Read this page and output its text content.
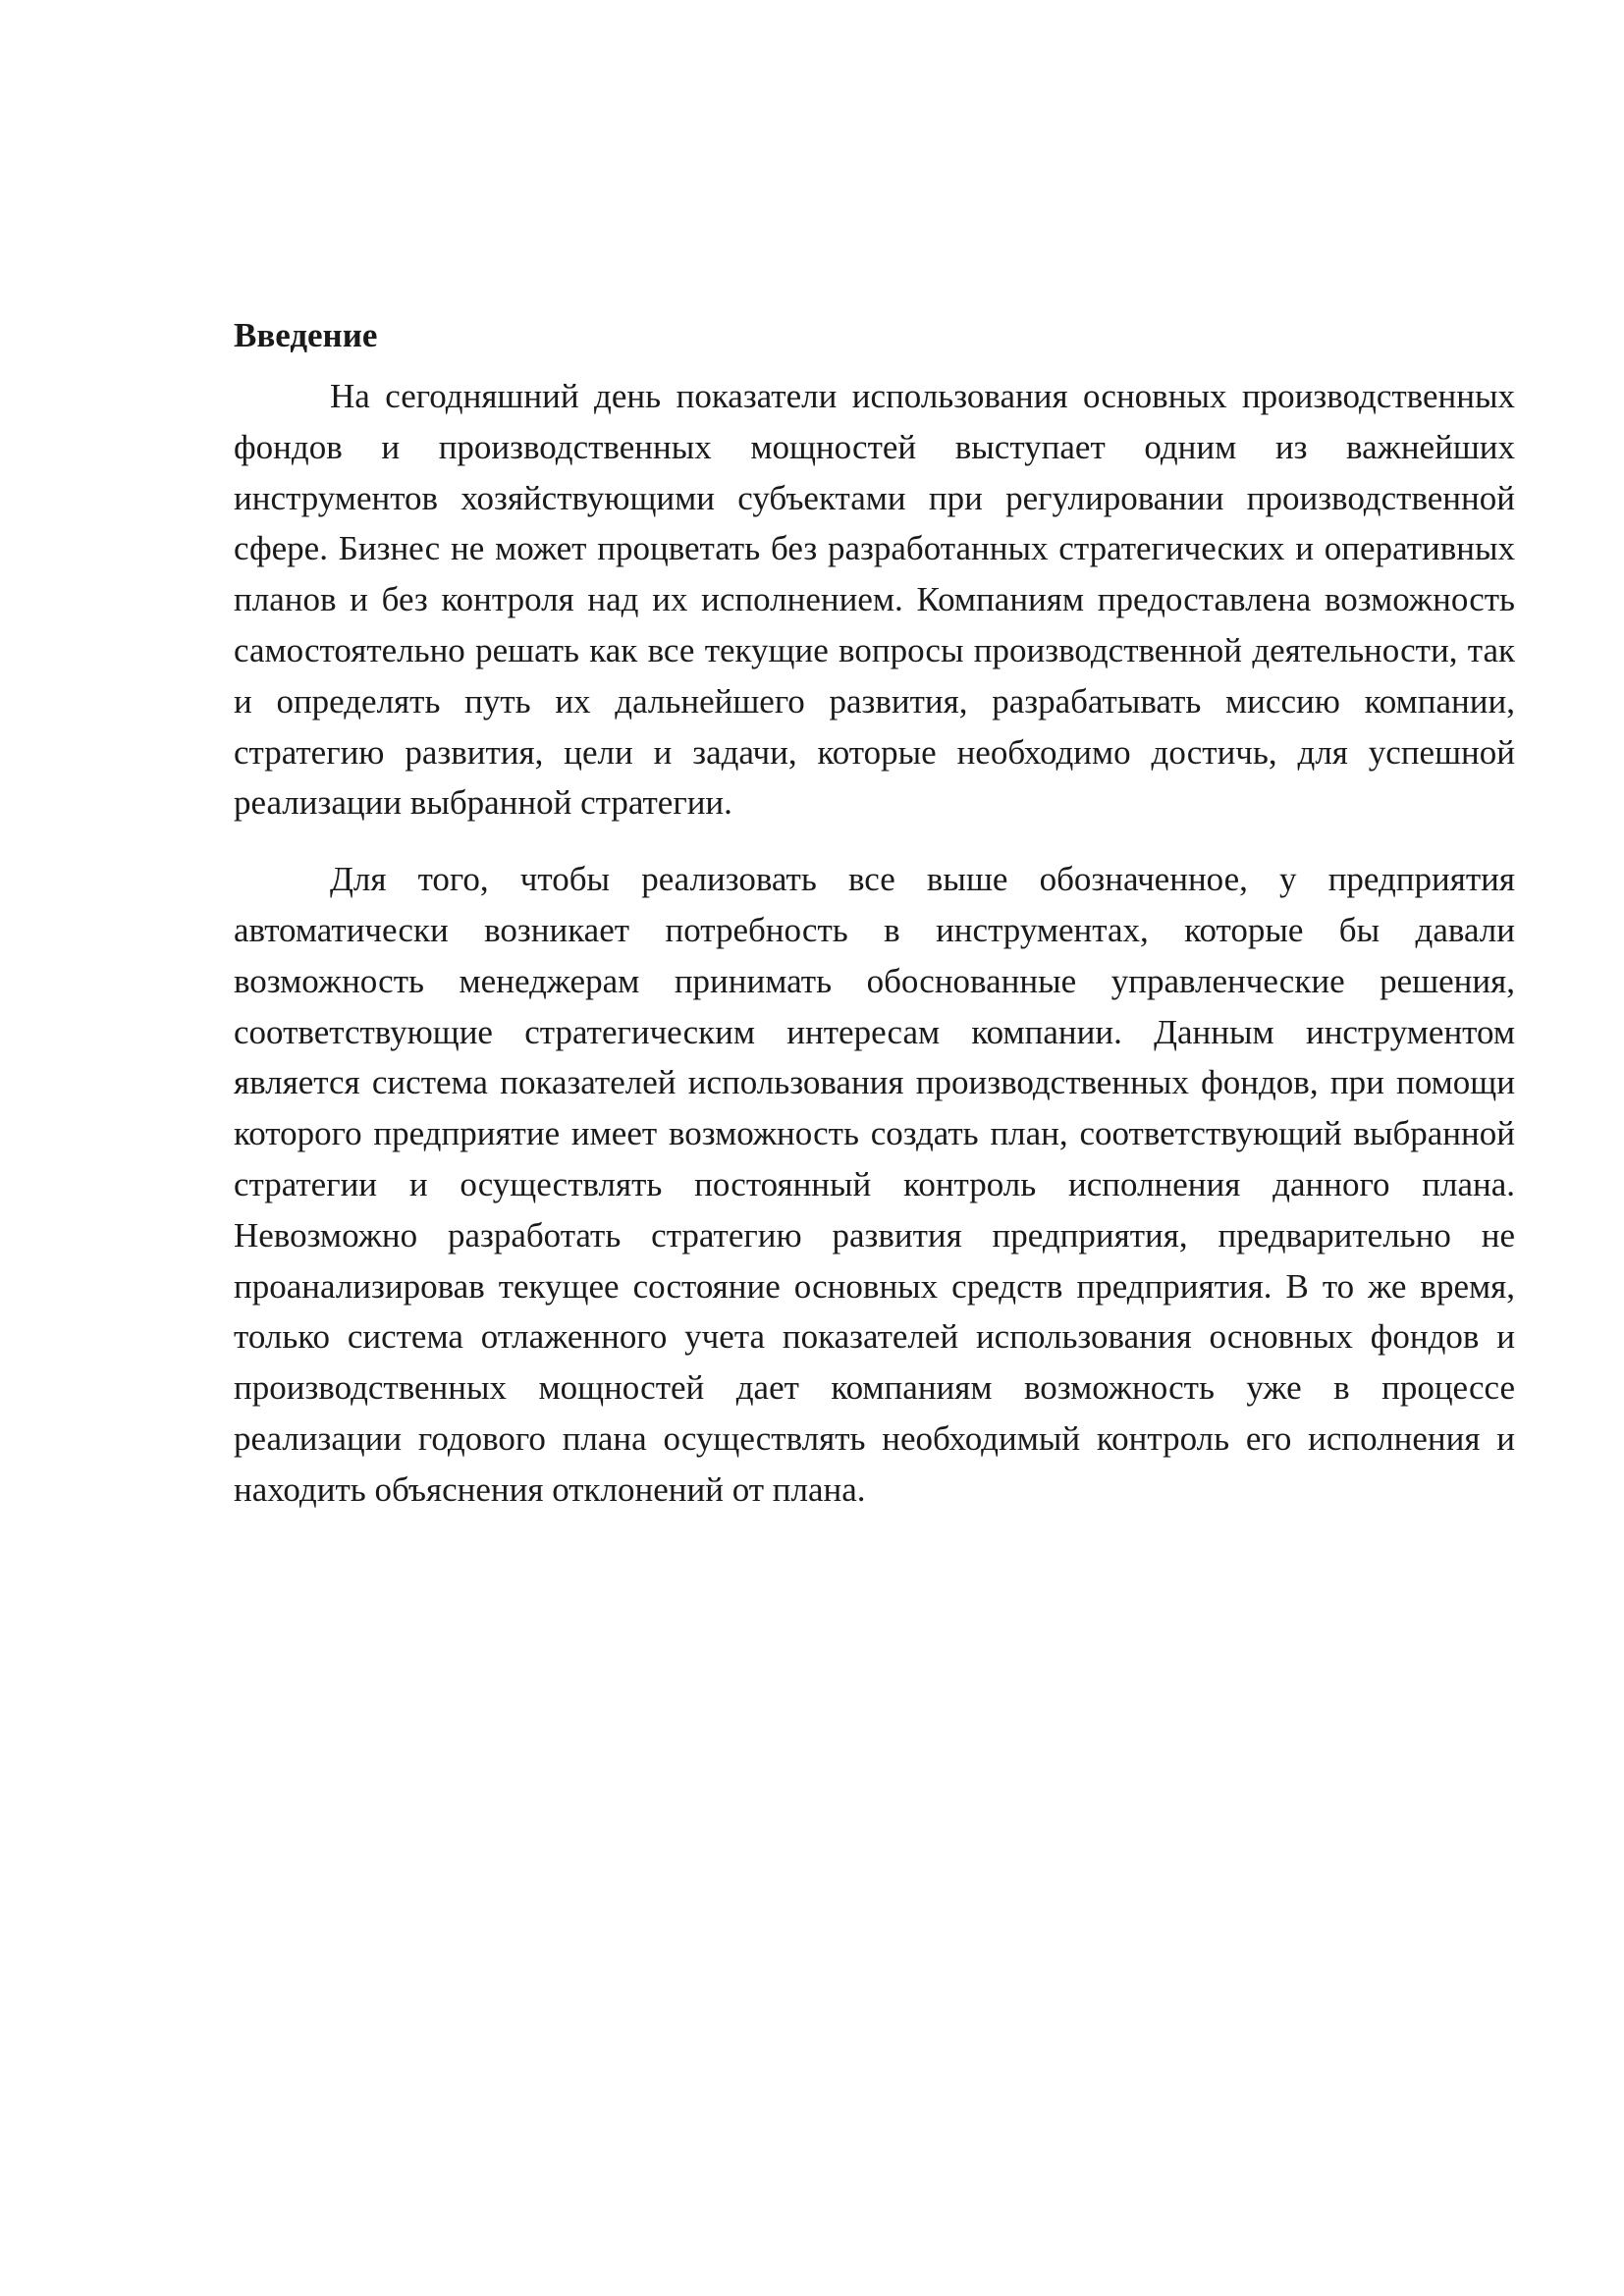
Введение

На сегодняшний день показатели использования основных производственных фондов и производственных мощностей выступает одним из важнейших инструментов хозяйствующими субъектами при регулировании производственной сфере. Бизнес не может процветать без разработанных стратегических и оперативных планов и без контроля над их исполнением. Компаниям предоставлена возможность самостоятельно решать как все текущие вопросы производственной деятельности, так и определять путь их дальнейшего развития, разрабатывать миссию компании, стратегию развития, цели и задачи, которые необходимо достичь, для успешной реализации выбранной стратегии.

Для того, чтобы реализовать все выше обозначенное, у предприятия автоматически возникает потребность в инструментах, которые бы давали возможность менеджерам принимать обоснованные управленческие решения, соответствующие стратегическим интересам компании. Данным инструментом является система показателей использования производственных фондов, при помощи которого предприятие имеет возможность создать план, соответствующий выбранной стратегии и осуществлять постоянный контроль исполнения данного плана. Невозможно разработать стратегию развития предприятия, предварительно не проанализировав текущее состояние основных средств предприятия. В то же время, только система отлаженного учета показателей использования основных фондов и производственных мощностей дает компаниям возможность уже в процессе реализации годового плана осуществлять необходимый контроль его исполнения и находить объяснения отклонений от плана.
